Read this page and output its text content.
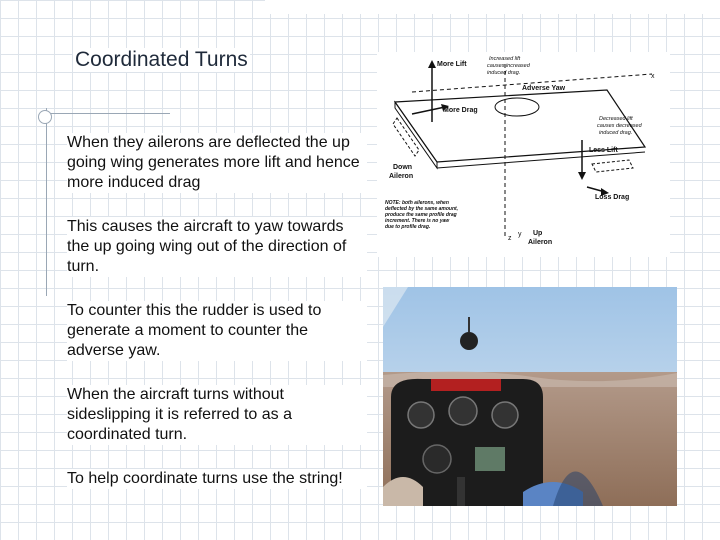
Coordinated Turns

When they ailerons are deflected the up going wing generates more lift and hence more induced drag

This causes the aircraft to yaw towards the up going wing out of the direction of turn.

To counter this the rudder is used to generate a moment to counter the adverse yaw.

When the aircraft turns without sideslipping it is referred to as a coordinated turn.

To help coordinate turns use the string!

More Lift
Increased lift
causes increased
induced drag.	x
Adverse Yaw
More Drag
Decreased lift
causes decreased
induced drag.
Less Lift
Down
Aileron
Loss Drag
NOTE: both ailerons, when
deflected by the same amount,
produce the same profile drag
increment. There is no yaw
due to profile drag.
z
y Up
Aileron
